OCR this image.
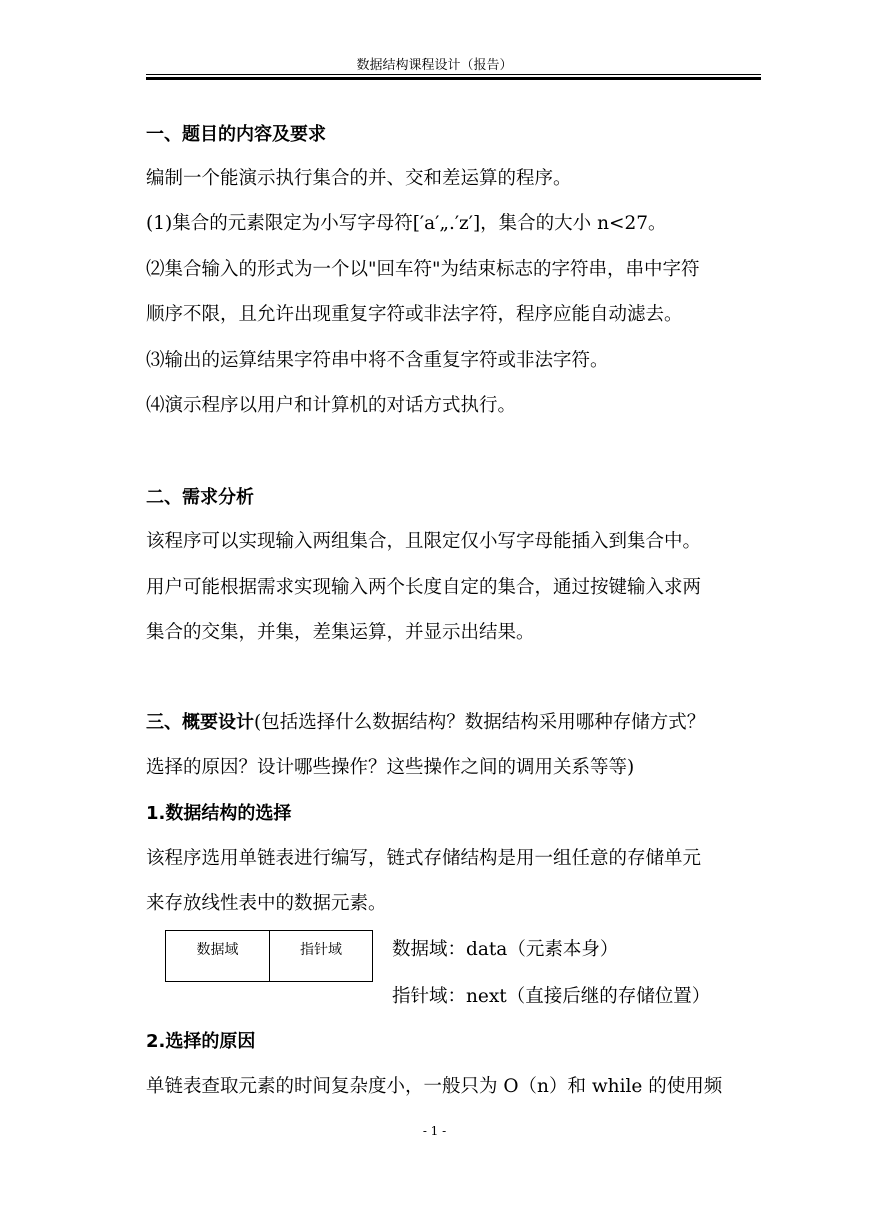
数据结构课程设计（报告）
一、题目的内容及要求
编制一个能演示执行集合的并、交和差运算的程序。
(1)集合的元素限定为小写字母符[′a′„.′z′]，集合的大小 n<27。
⑵集合输入的形式为一个以"回车符"为结束标志的字符串，串中字符
顺序不限，且允许出现重复字符或非法字符，程序应能自动滤去。
⑶输出的运算结果字符串中将不含重复字符或非法字符。
⑷演示程序以用户和计算机的对话方式执行。
二、需求分析
该程序可以实现输入两组集合，且限定仅小写字母能插入到集合中。
用户可能根据需求实现输入两个长度自定的集合，通过按键输入求两
集合的交集，并集，差集运算，并显示出结果。
三、概要设计(包括选择什么数据结构？数据结构采用哪种存储方式？
选择的原因？设计哪些操作？这些操作之间的调用关系等等)
1.数据结构的选择
该程序选用单链表进行编写，链式存储结构是用一组任意的存储单元
来存放线性表中的数据元素。
数据域	指针域	数据域：data（元素本身）
指针域：next（直接后继的存储位置）
2.选择的原因
单链表查取元素的时间复杂度小，一般只为 O（n）和 while 的使用频
- 1 -
